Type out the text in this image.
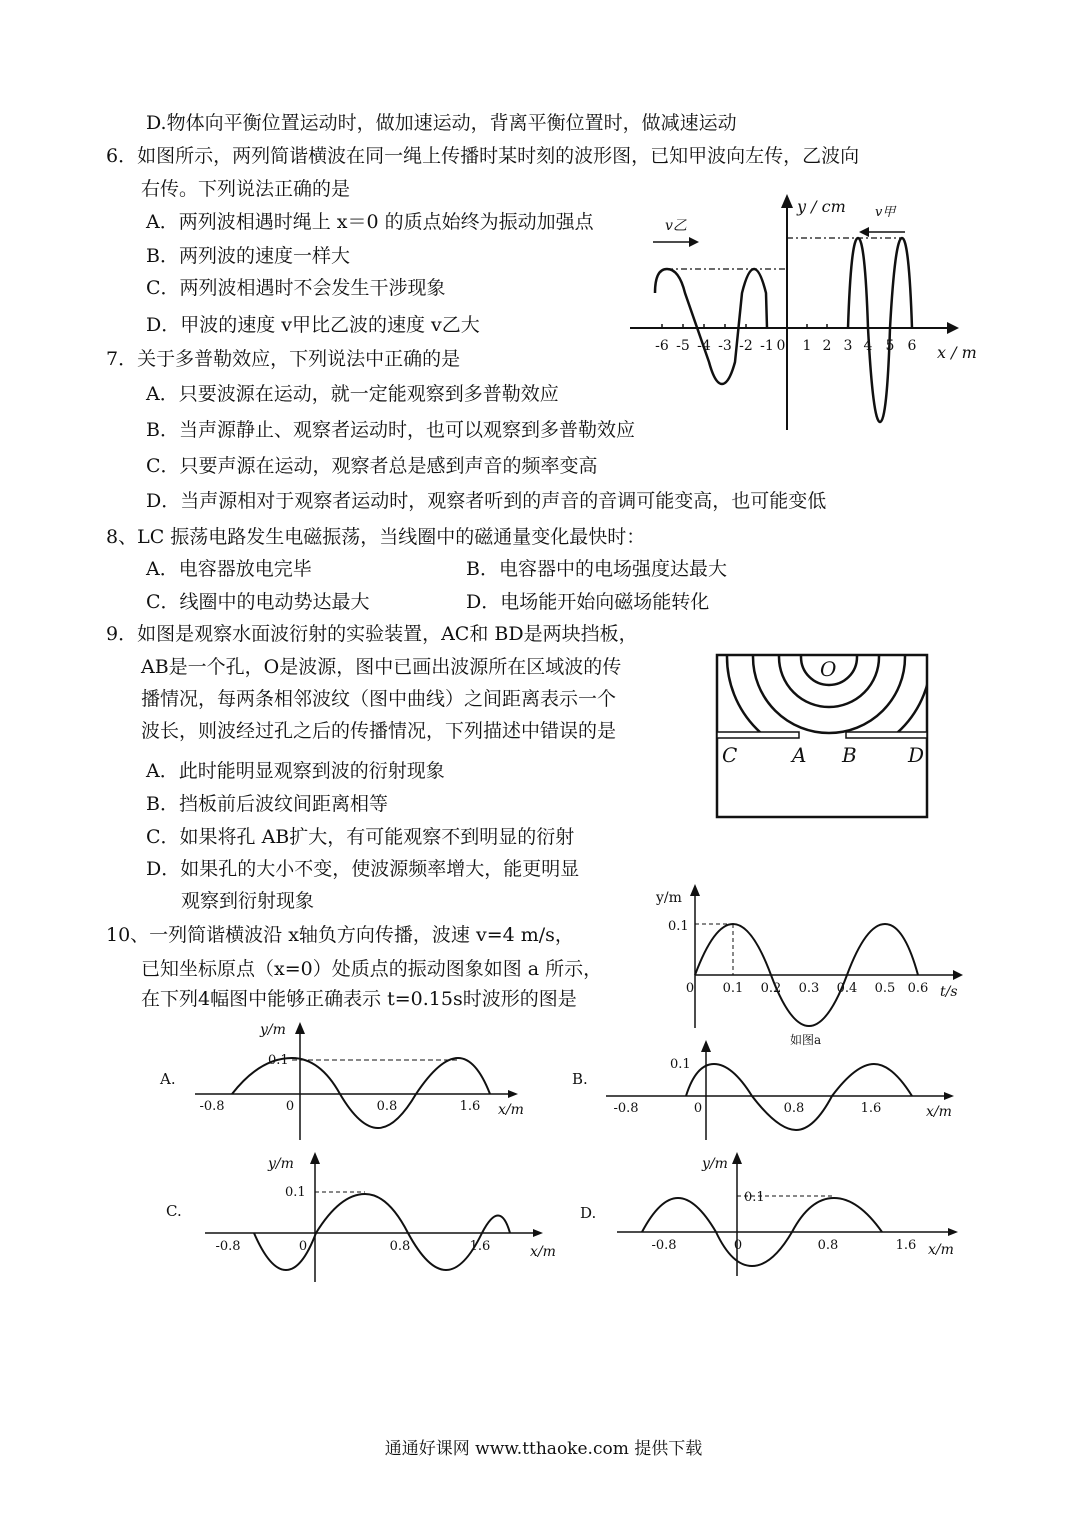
D.物体向平衡位置运动时，做加速运动，背离平衡位置时，做减速运动
6．如图所示，两列简谐横波在同一绳上传播时某时刻的波形图，已知甲波向左传，乙波向
右传。下列说法正确的是
A．两列波相遇时绳上 x＝0 的质点始终为振动加强点
B．两列波的速度一样大
C．两列波相遇时不会发生干涉现象
D．甲波的速度 v甲比乙波的速度 v乙大
y / cm
x / m
v乙
v甲
-6 -5 -4 -3 -2 -1 0 1 2 3 4 5 6
7．关于多普勒效应，下列说法中正确的是
A．只要波源在运动，就一定能观察到多普勒效应
B．当声源静止、观察者运动时，也可以观察到多普勒效应
C．只要声源在运动，观察者总是感到声音的频率变高
D．当声源相对于观察者运动时，观察者听到的声音的音调可能变高，也可能变低
8、LC 振荡电路发生电磁振荡，当线圈中的磁通量变化最快时：
A．电容器放电完毕	B．电容器中的电场强度达最大
C．线圈中的电动势达最大	D．电场能开始向磁场能转化
9．如图是观察水面波衍射的实验装置，AC和 BD是两块挡板，
AB是一个孔，O是波源，图中已画出波源所在区域波的传
播情况，每两条相邻波纹（图中曲线）之间距离表示一个
波长，则波经过孔之后的传播情况，下列描述中错误的是
A．此时能明显观察到波的衍射现象
B．挡板前后波纹间距离相等
C．如果将孔 AB扩大，有可能观察不到明显的衍射
D．如果孔的大小不变，使波源频率增大，能更明显
观察到衍射现象
O
C	A B	D
10、一列简谐横波沿 x轴负方向传播，波速 v=4 m/s，
已知坐标原点（x=0）处质点的振动图象如图 a 所示，
在下列4幅图中能够正确表示 t=0.15s时波形的图是
y/m
0.1
t/s
0 0.1 0.2 0.3 0.4 0.5 0.6
如图a
A.
y/m
0.1
x/m
-0.8	0	0.8	1.6
B.
0.1
x/m
-0.8	0	0.8	1.6
C.
y/m
0.1
x/m
-0.8	0	0.8	1.6
D.
y/m
0.1
x/m
-0.8	0	0.8	1.6
通通好课网 www.tthaoke.com 提供下载
